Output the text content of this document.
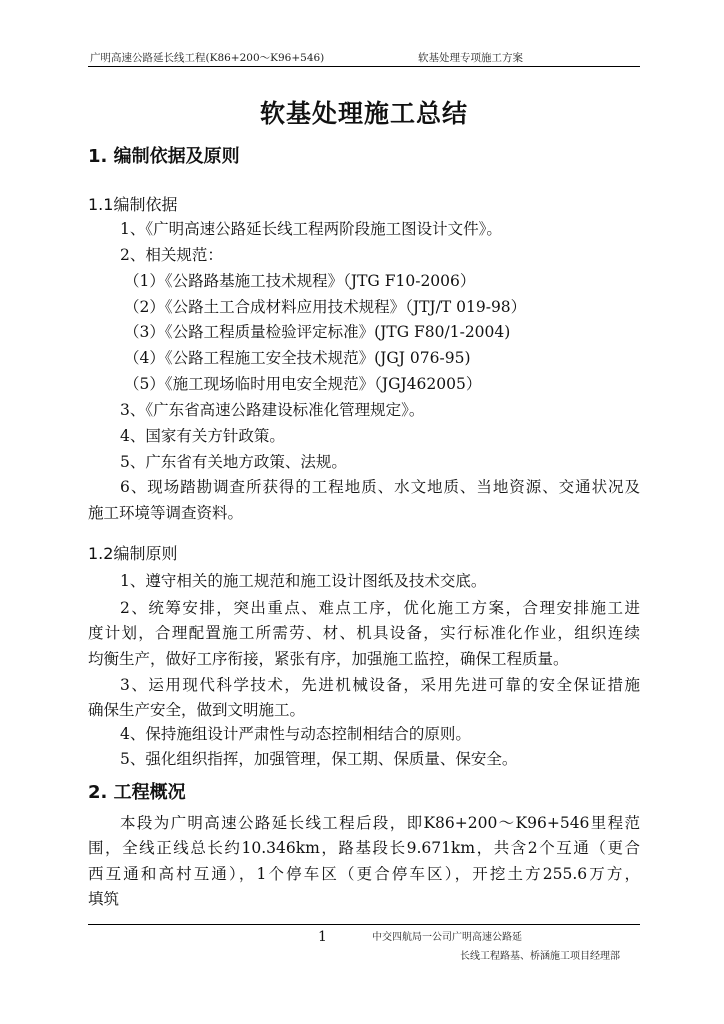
广明高速公路延长线工程(K86+200～K96+546)	软基处理专项施工方案
软基处理施工总结
1. 编制依据及原则
1.1编制依据
1、《广明高速公路延长线工程两阶段施工图设计文件》。
2、相关规范：
（1）《公路路基施工技术规程》（JTG F10-2006）
（2）《公路土工合成材料应用技术规程》（JTJ/T 019-98）
（3）《公路工程质量检验评定标准》(JTG F80/1-2004)
（4）《公路工程施工安全技术规范》(JGJ 076-95)
（5）《施工现场临时用电安全规范》（JGJ462005）
3、《广东省高速公路建设标准化管理规定》。
4、国家有关方针政策。
5、广东省有关地方政策、法规。
6、现场踏勘调查所获得的工程地质、水文地质、当地资源、交通状况及
施工环境等调查资料。
1.2编制原则
1、遵守相关的施工规范和施工设计图纸及技术交底。
2、统筹安排，突出重点、难点工序，优化施工方案，合理安排施工进
度计划，合理配置施工所需劳、材、机具设备，实行标准化作业，组织连续
均衡生产，做好工序衔接，紧张有序，加强施工监控，确保工程质量。
3、运用现代科学技术，先进机械设备，采用先进可靠的安全保证措施
确保生产安全，做到文明施工。
4、保持施组设计严肃性与动态控制相结合的原则。
5、强化组织指挥，加强管理，保工期、保质量、保安全。
2. 工程概况
本段为广明高速公路延长线工程后段，即K86+200～K96+546里程范
围，全线正线总长约10.346km，路基段长9.671km，共含2个互通（更合
西互通和高村互通），1个停车区（更合停车区），开挖土方255.6万方，
填筑
1	中交四航局一公司广明高速公路延
长线工程路基、桥涵施工项目经理部
